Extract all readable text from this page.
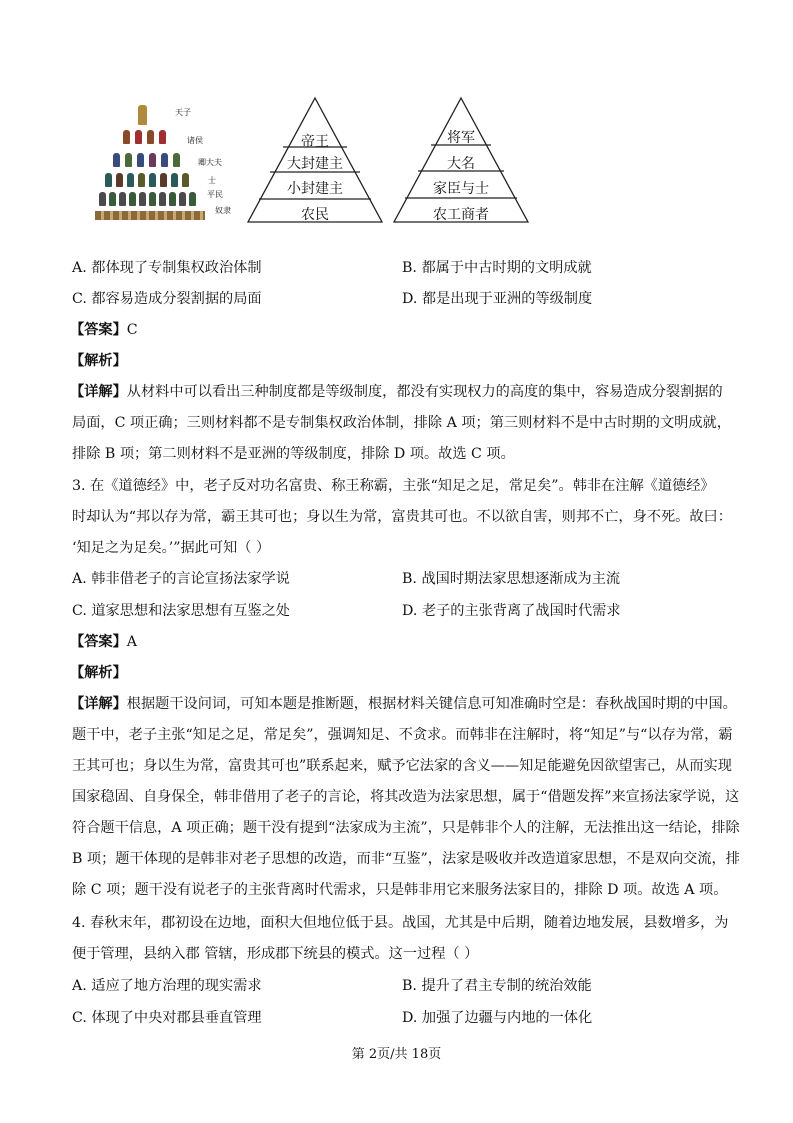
天子
诸侯
卿大夫
士
平民
奴隶
帝王
大封建主
小封建主
农民
将军
大名
家臣与士
农工商者
A. 都体现了专制集权政治体制	B. 都属于中古时期的文明成就
C. 都容易造成分裂割据的局面	D. 都是出现于亚洲的等级制度
【答案】C
【解析】
【详解】从材料中可以看出三种制度都是等级制度，都没有实现权力的高度的集中，容易造成分裂割据的
局面，C 项正确；三则材料都不是专制集权政治体制，排除 A 项；第三则材料不是中古时期的文明成就，
排除 B 项；第二则材料不是亚洲的等级制度，排除 D 项。故选 C 项。
3. 在《道德经》中，老子反对功名富贵、称王称霸，主张“知足之足，常足矣”。韩非在注解《道德经》
时却认为“邦以存为常，霸王其可也；身以生为常，富贵其可也。不以欲自害，则邦不亡，身不死。故曰：
‘知足之为足矣。’”据此可知（ ）
A. 韩非借老子的言论宣扬法家学说	B. 战国时期法家思想逐渐成为主流
C. 道家思想和法家思想有互鉴之处	D. 老子的主张背离了战国时代需求
【答案】A
【解析】
【详解】根据题干设问词，可知本题是推断题，根据材料关键信息可知准确时空是：春秋战国时期的中国。
题干中，老子主张“知足之足，常足矣”，强调知足、不贪求。而韩非在注解时，将“知足”与“以存为常，霸
王其可也；身以生为常，富贵其可也”联系起来，赋予它法家的含义——知足能避免因欲望害己，从而实现
国家稳固、自身保全，韩非借用了老子的言论，将其改造为法家思想，属于“借题发挥”来宣扬法家学说，这
符合题干信息，A 项正确；题干没有提到“法家成为主流”，只是韩非个人的注解，无法推出这一结论，排除
B 项；题干体现的是韩非对老子思想的改造，而非“互鉴”，法家是吸收并改造道家思想，不是双向交流，排
除 C 项；题干没有说老子的主张背离时代需求，只是韩非用它来服务法家目的，排除 D 项。故选 A 项。
4. 春秋末年，郡初设在边地，面积大但地位低于县。战国，尤其是中后期，随着边地发展，县数增多，为
便于管理，县纳入郡 管辖，形成郡下统县的模式。这一过程（ ）
A. 适应了地方治理的现实需求	B. 提升了君主专制的统治效能
C. 体现了中央对郡县垂直管理	D. 加强了边疆与内地的一体化
第 2页/共 18页
